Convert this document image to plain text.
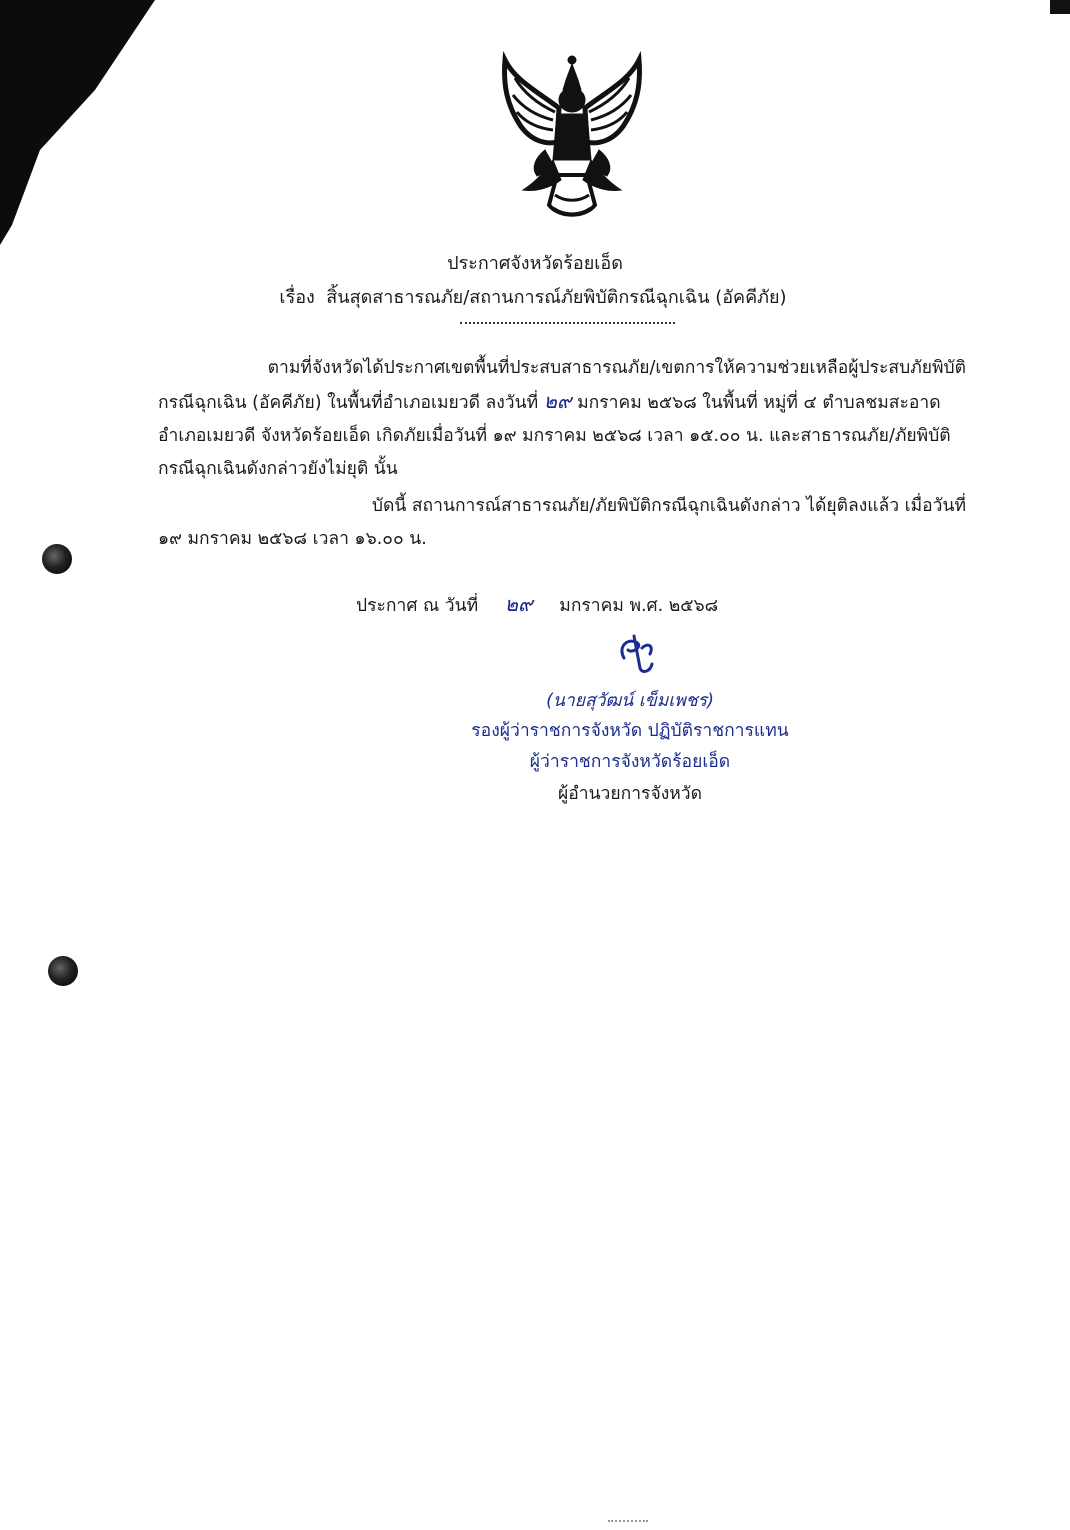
ประกาศจังหวัดร้อยเอ็ด
เรื่อง สิ้นสุดสาธารณภัย/สถานการณ์ภัยพิบัติกรณีฉุกเฉิน (อัคคีภัย)
ตามที่จังหวัดได้ประกาศเขตพื้นที่ประสบสาธารณภัย/เขตการให้ความช่วยเหลือผู้ประสบภัยพิบัติ
กรณีฉุกเฉิน (อัคคีภัย) ในพื้นที่อำเภอเมยวดี ลงวันที่ ๒๙ มกราคม ๒๕๖๘ ในพื้นที่ หมู่ที่ ๔ ตำบลชมสะอาด
อำเภอเมยวดี จังหวัดร้อยเอ็ด เกิดภัยเมื่อวันที่ ๑๙ มกราคม ๒๕๖๘ เวลา ๑๕.๐๐ น. และสาธารณภัย/ภัยพิบัติ
กรณีฉุกเฉินดังกล่าวยังไม่ยุติ นั้น
บัดนี้ สถานการณ์สาธารณภัย/ภัยพิบัติกรณีฉุกเฉินดังกล่าว ได้ยุติลงแล้ว เมื่อวันที่
๑๙ มกราคม ๒๕๖๘ เวลา ๑๖.๐๐ น.
ประกาศ ณ วันที่ ๒๙ มกราคม พ.ศ. ๒๕๖๘
(นายสุวัฒน์ เข็มเพชร)
รองผู้ว่าราชการจังหวัด ปฏิบัติราชการแทน
ผู้ว่าราชการจังหวัดร้อยเอ็ด
ผู้อำนวยการจังหวัด
